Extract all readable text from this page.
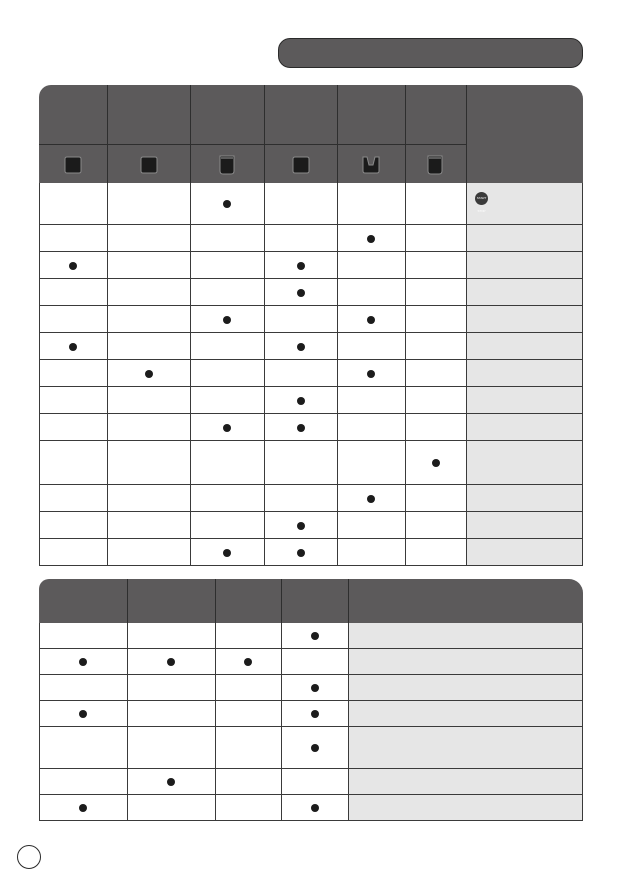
START STOP
